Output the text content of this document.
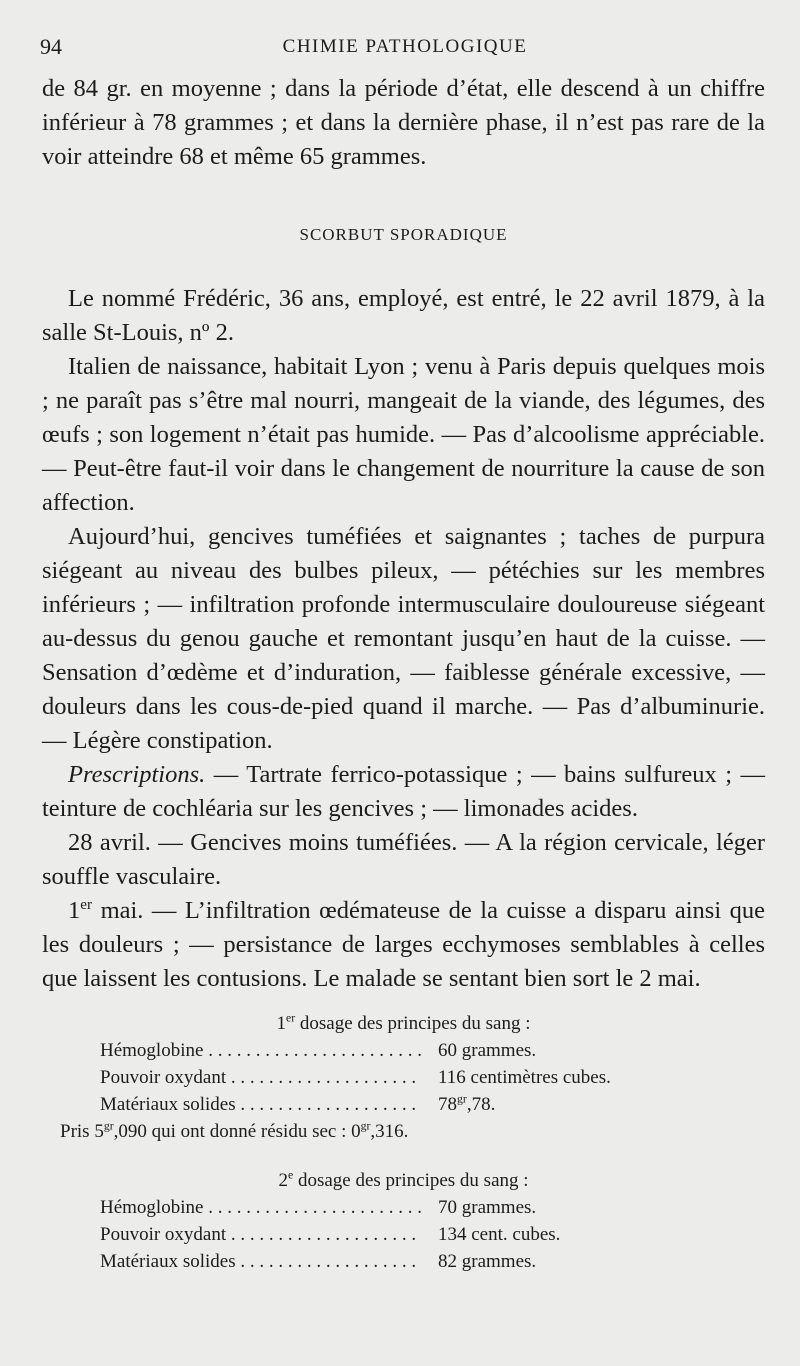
94	CHIMIE PATHOLOGIQUE

de 84 gr. en moyenne ; dans la période d’état, elle descend à un chiffre inférieur à 78 grammes ; et dans la dernière phase, il n’est pas rare de la voir atteindre 68 et même 65 grammes.

SCORBUT SPORADIQUE

Le nommé Frédéric, 36 ans, employé, est entré, le 22 avril 1879, à la salle St-Louis, nº 2.

Italien de naissance, habitait Lyon ; venu à Paris depuis quelques mois ; ne paraît pas s’être mal nourri, mangeait de la viande, des légumes, des œufs ; son logement n’était pas humide. — Pas d’alcoolisme appréciable. — Peut-être faut-il voir dans le changement de nourriture la cause de son affection.

Aujourd’hui, gencives tuméfiées et saignantes ; taches de purpura siégeant au niveau des bulbes pileux, — pétéchies sur les membres inférieurs ; — infiltration profonde intermusculaire douloureuse siégeant au-dessus du genou gauche et remontant jusqu’en haut de la cuisse. — Sensation d’œdème et d’induration, — faiblesse générale excessive, — douleurs dans les cous-de-pied quand il marche. — Pas d’albuminurie. — Légère constipation.

Prescriptions. — Tartrate ferrico-potassique ; — bains sulfureux ; — teinture de cochléaria sur les gencives ; — limonades acides.

28 avril. — Gencives moins tuméfiées. — A la région cervicale, léger souffle vasculaire.

1er mai. — L’infiltration œdémateuse de la cuisse a disparu ainsi que les douleurs ; — persistance de larges ecchymoses semblables à celles que laissent les contusions. Le malade se sentant bien sort le 2 mai.

1er dosage des principes du sang :
Hémoglobine . . .	60 grammes.
Pouvoir oxydant . . .	116 centimètres cubes.
Matériaux solides . . .	$78^{gr},78$.
Pris $5^{gr},090$ qui ont donné résidu sec : $0^{gr},316$.
2e dosage des principes du sang :
Hémoglobine . . .	70 grammes.
Pouvoir oxydant . . .	134 cent. cubes.
Matériaux solides . . .	82 grammes.
